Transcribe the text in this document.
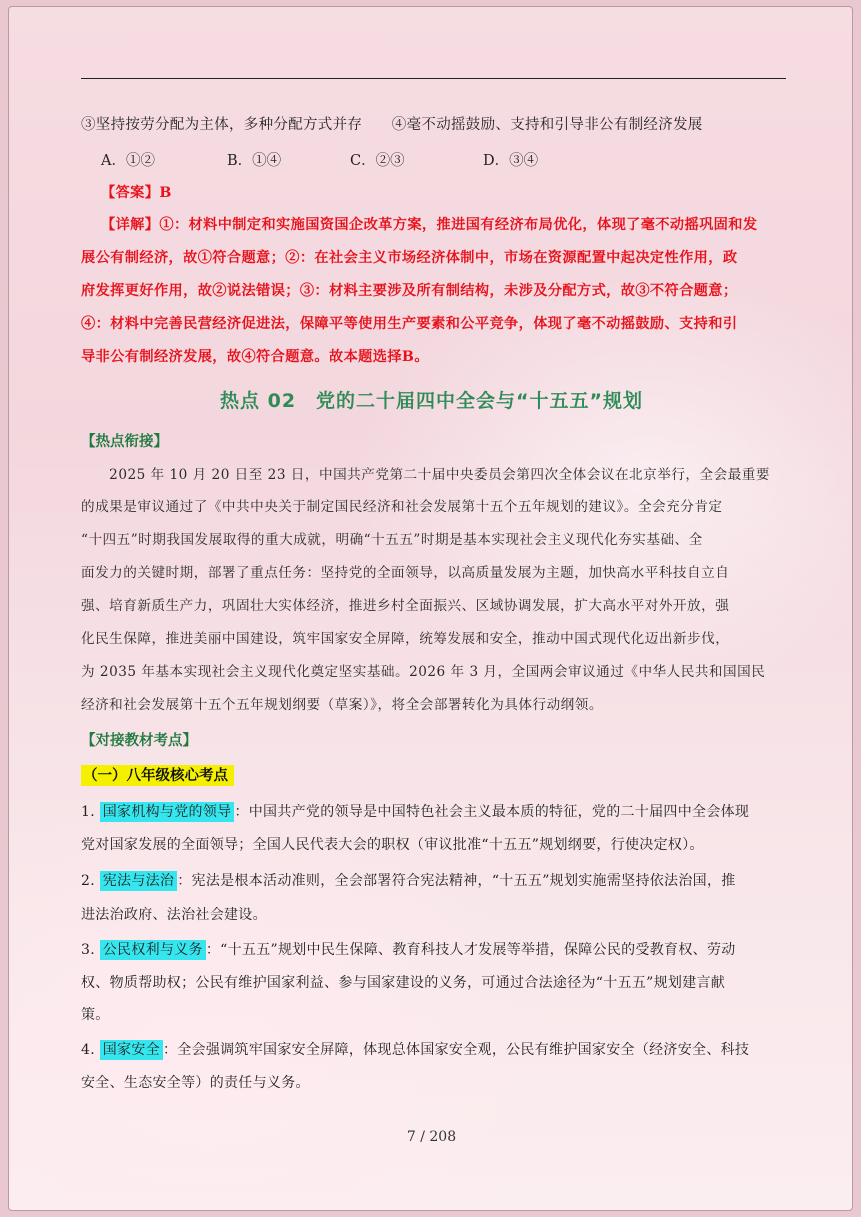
③坚持按劳分配为主体，多种分配方式并存　　④毫不动摇鼓励、支持和引导非公有制经济发展
A．①②	B．①④	C．②③	D．③④
【答案】B
【详解】①：材料中制定和实施国资国企改革方案，推进国有经济布局优化，体现了毫不动摇巩固和发
展公有制经济，故①符合题意；②：在社会主义市场经济体制中，市场在资源配置中起决定性作用，政
府发挥更好作用，故②说法错误；③：材料主要涉及所有制结构，未涉及分配方式，故③不符合题意；
④：材料中完善民营经济促进法，保障平等使用生产要素和公平竞争，体现了毫不动摇鼓励、支持和引
导非公有制经济发展，故④符合题意。故本题选择B。
热点 02　党的二十届四中全会与“十五五”规划
【热点衔接】
　　2025 年 10 月 20 日至 23 日，中国共产党第二十届中央委员会第四次全体会议在北京举行，全会最重要
的成果是审议通过了《中共中央关于制定国民经济和社会发展第十五个五年规划的建议》。全会充分肯定
“十四五”时期我国发展取得的重大成就，明确“十五五”时期是基本实现社会主义现代化夯实基础、全
面发力的关键时期，部署了重点任务：坚持党的全面领导，以高质量发展为主题，加快高水平科技自立自
强、培育新质生产力，巩固壮大实体经济，推进乡村全面振兴、区域协调发展，扩大高水平对外开放，强
化民生保障，推进美丽中国建设，筑牢国家安全屏障，统筹发展和安全，推动中国式现代化迈出新步伐，
为 2035 年基本实现社会主义现代化奠定坚实基础。2026 年 3 月，全国两会审议通过《中华人民共和国国民
经济和社会发展第十五个五年规划纲要（草案）》，将全会部署转化为具体行动纲领。
【对接教材考点】
（一）八年级核心考点
1. 国家机构与党的领导 ：中国共产党的领导是中国特色社会主义最本质的特征，党的二十届四中全会体现
党对国家发展的全面领导；全国人民代表大会的职权（审议批准“十五五”规划纲要，行使决定权）。
2. 宪法与法治 ：宪法是根本活动准则，全会部署符合宪法精神，“十五五”规划实施需坚持依法治国，推
进法治政府、法治社会建设。
3. 公民权利与义务 ：“十五五”规划中民生保障、教育科技人才发展等举措，保障公民的受教育权、劳动
权、物质帮助权；公民有维护国家利益、参与国家建设的义务，可通过合法途径为“十五五”规划建言献
策。
4. 国家安全 ：全会强调筑牢国家安全屏障，体现总体国家安全观，公民有维护国家安全（经济安全、科技
安全、生态安全等）的责任与义务。
7 / 208
